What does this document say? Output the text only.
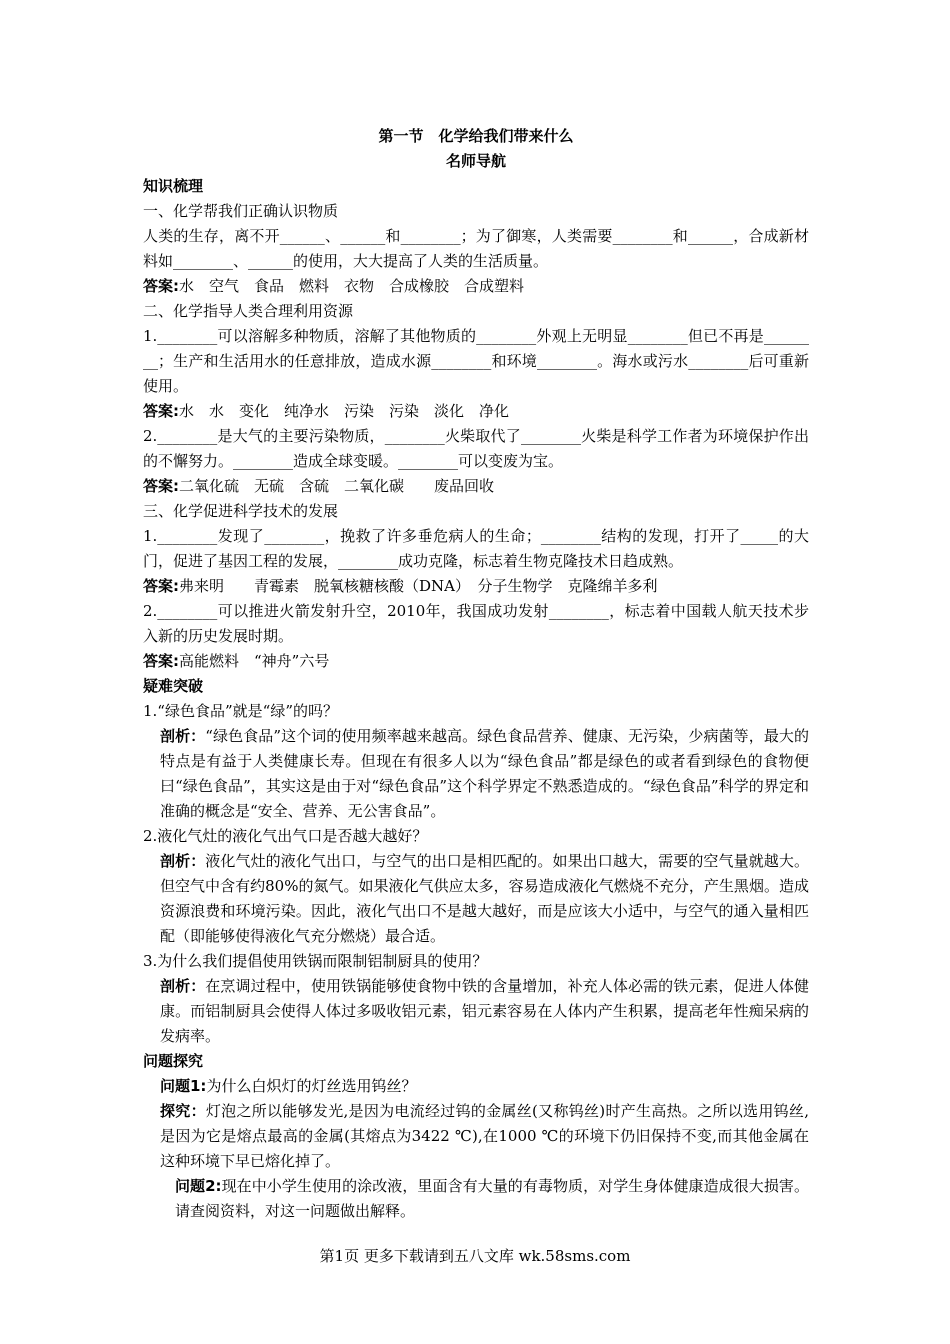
第一节　化学给我们带来什么
名师导航
知识梳理

一、化学帮我们正确认识物质

人类的生存，离不开______、______和________；为了御寒，人类需要________和______，合成新材料如________、______的使用，大大提高了人类的生活质量。

答案:水　空气　食品　燃料　衣物　合成橡胶　合成塑料

二、化学指导人类合理利用资源

1.________可以溶解多种物质，溶解了其他物质的________外观上无明显________但已不再是________；生产和生活用水的任意排放，造成水源________和环境________。海水或污水________后可重新使用。

答案:水　水　变化　纯净水　污染　污染　淡化　净化

2.________是大气的主要污染物质，________火柴取代了________火柴是科学工作者为环境保护作出的不懈努力。________造成全球变暖。________可以变废为宝。

答案:二氧化硫　无硫　含硫　二氧化碳　　废品回收

三、化学促进科学技术的发展

1.________发现了________，挽救了许多垂危病人的生命；________结构的发现，打开了_____的大门，促进了基因工程的发展，________成功克隆，标志着生物克隆技术日趋成熟。

答案:弗来明　　青霉素　脱氧核糖核酸（DNA）　分子生物学　克隆绵羊多利

2.________可以推进火箭发射升空，2010年，我国成功发射________，标志着中国载人航天技术步入新的历史发展时期。

答案:高能燃料　“神舟”六号

疑难突破

1.“绿色食品”就是“绿”的吗？

剖析：“绿色食品”这个词的使用频率越来越高。绿色食品营养、健康、无污染，少病菌等，最大的特点是有益于人类健康长寿。但现在有很多人以为“绿色食品”都是绿色的或者看到绿色的食物便曰“绿色食品”，其实这是由于对“绿色食品”这个科学界定不熟悉造成的。“绿色食品”科学的界定和准确的概念是“安全、营养、无公害食品”。

2.液化气灶的液化气出气口是否越大越好？

剖析：液化气灶的液化气出口，与空气的出口是相匹配的。如果出口越大，需要的空气量就越大。但空气中含有约80%的氮气。如果液化气供应太多，容易造成液化气燃烧不充分，产生黑烟。造成资源浪费和环境污染。因此，液化气出口不是越大越好，而是应该大小适中，与空气的通入量相匹配（即能够使得液化气充分燃烧）最合适。

3.为什么我们提倡使用铁锅而限制铝制厨具的使用？

剖析：在烹调过程中，使用铁锅能够使食物中铁的含量增加，补充人体必需的铁元素，促进人体健康。而铝制厨具会使得人体过多吸收铝元素，铝元素容易在人体内产生积累，提高老年性痴呆病的发病率。

问题探究

问题1:为什么白炽灯的灯丝选用钨丝？

探究：灯泡之所以能够发光,是因为电流经过钨的金属丝(又称钨丝)时产生高热。之所以选用钨丝,是因为它是熔点最高的金属(其熔点为3422 ℃),在1000 ℃的环境下仍旧保持不变,而其他金属在这种环境下早已熔化掉了。

问题2:现在中小学生使用的涂改液，里面含有大量的有毒物质，对学生身体健康造成很大损害。请查阅资料，对这一问题做出解释。

第1页 更多下载请到五八文库 wk.58sms.com
